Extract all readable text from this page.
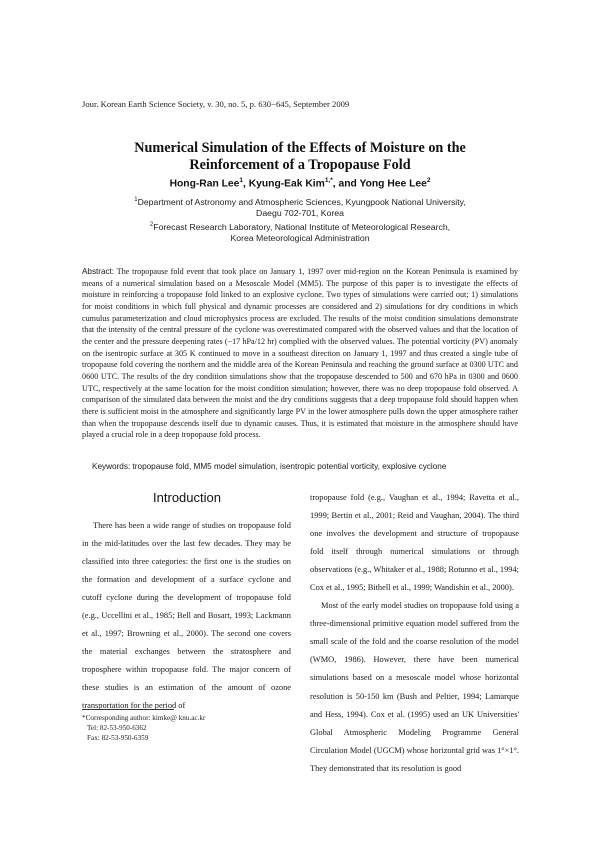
Jour. Korean Earth Science Society, v. 30, no. 5, p. 630−645, September 2009
Numerical Simulation of the Effects of Moisture on the
Reinforcement of a Tropopause Fold
Hong-Ran Lee$^1$, Kyung-Eak Kim$^{1,*}$, and Yong Hee Lee$^2$
$^1$Department of Astronomy and Atmospheric Sciences, Kyungpook National University,
Daegu 702-701, Korea
$^2$Forecast Research Laboratory, National Institute of Meteorological Research,
Korea Meteorological Administration
Abstract: The tropopause fold event that took place on January 1, 1997 over mid-region on the Korean Peninsula is examined by means of a numerical simulation based on a Mesoscale Model (MM5). The purpose of this paper is to investigate the effects of moisture in reinforcing a tropopause fold linked to an explosive cyclone. Two types of simulations were carried out; 1) simulations for moist conditions in which full physical and dynamic processes are considered and 2) simulations for dry conditions in which cumulus parameterization and cloud microphysics process are excluded. The results of the moist condition simulations demonstrate that the intensity of the central pressure of the cyclone was overestimated compared with the observed values and that the location of the center and the pressure deepening rates (−17 hPa/12 hr) complied with the observed values. The potential vorticity (PV) anomaly on the isentropic surface at 305 K continued to move in a southeast direction on January 1, 1997 and thus created a single tube of tropopause fold covering the northern and the middle area of the Korean Peninsula and reaching the ground surface at 0300 UTC and 0600 UTC. The results of the dry condition simulations show that the tropopause descended to 500 and 670 hPa in 0300 and 0600 UTC, respectively at the same location for the moist condition simulation; however, there was no deep tropopause fold observed. A comparison of the simulated data between the moist and the dry conditions suggests that a deep tropopause fold should happen when there is sufficient moist in the atmosphere and significantly large PV in the lower atmosphere pulls down the upper atmosphere rather than when the tropopause descends itself due to dynamic causes. Thus, it is estimated that moisture in the atmosphere should have played a crucial role in a deep tropopause fold process.
Keywords: tropopause fold, MM5 model simulation, isentropic potential vorticity, explosive cyclone
Introduction

There has been a wide range of studies on tropopause fold in the mid-latitudes over the last few decades. They may be classified into three categories: the first one is the studies on the formation and development of a surface cyclone and cutoff cyclone during the development of tropopause fold (e.g., Uccellini et al., 1985; Bell and Bosart, 1993; Lackmann et al., 1997; Browning et al., 2000). The second one covers the material exchanges between the stratosphere and troposphere within tropopause fold. The major concern of these studies is an estimation of the amount of ozone transportation for the period of

tropopause fold (e.g., Vaughan et al., 1994; Ravetta et al., 1999; Bertin et al., 2001; Reid and Vaughan, 2004). The third one involves the development and structure of tropopause fold itself through numerical simulations or through observations (e.g., Whitaker et al., 1988; Rotunno et al., 1994; Cox et al., 1995; Bithell et al., 1999; Wandishin et al., 2000).

Most of the early model studies on tropopause fold using a three-dimensional primitive equation model suffered from the small scale of the fold and the coarse resolution of the model (WMO, 1986). However, there have been numerical simulations based on a mesoscale model whose horizontal resolution is 50-150 km (Bush and Peltier, 1994; Lamarque and Hess, 1994). Cox et al. (1995) used an UK Universities' Global Atmospheric Modeling Programme General Circulation Model (UGCM) whose horizontal grid was 1°×1°. They demonstrated that its resolution is good

*Corresponding author: kimke@ knu.ac.kr
Tel: 82-53-950-6362
Fax: 82-53-950-6359
